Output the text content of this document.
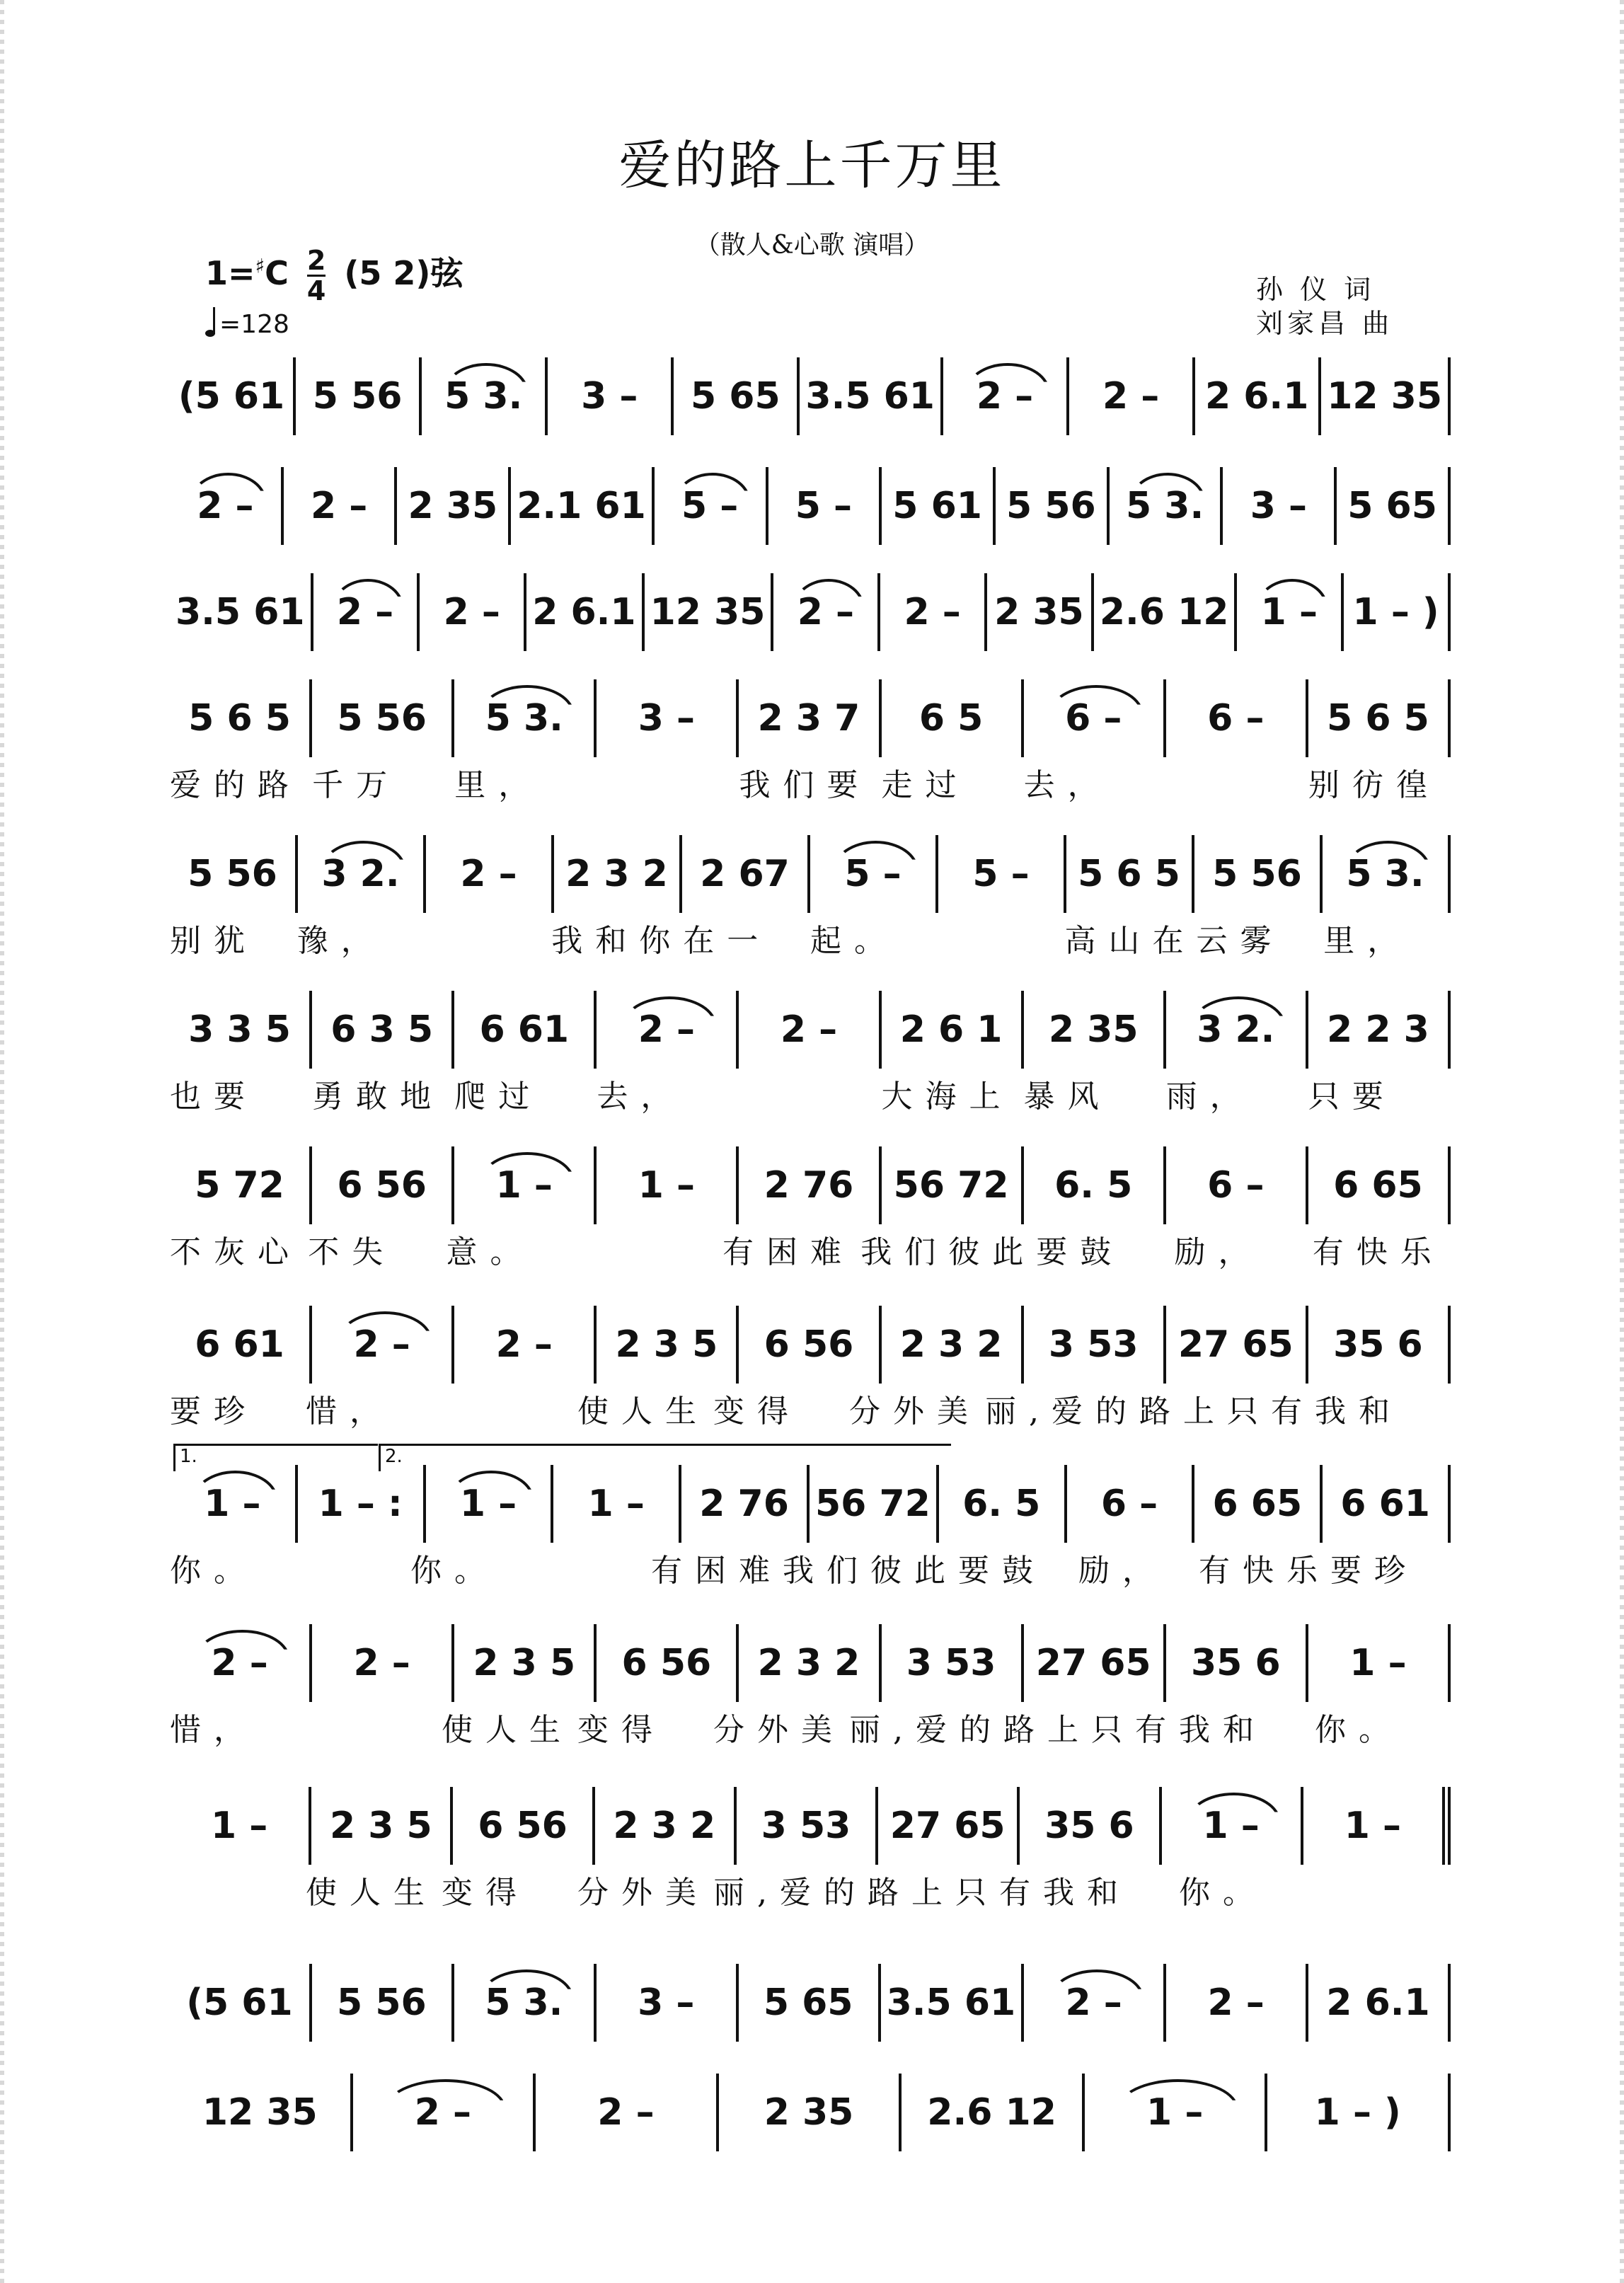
爱的路上千万里
（散人&心歌 演唱）
$1=^♯C \frac{2}{4} (5$ 2)弦
=128
孙 仪 词
刘家昌 曲
(5 61 5 56 5 3. 3 – 5 65 3.5 61 2 – 2 – 2 6.1 12 35
2 – 2 – 2 35 2.1 61 5 – 5 – 5 61 5 56 5 3. 3 – 5 65
3.5 61 2 – 2 – 2 6.1 12 35 2 – 2 – 2 35 2.6 12 1 – 1 – )
5 6 5 5 56 5 3. 3 – 2 3 7 6 5 6 – 6 – 5 6 5
爱的路 千万	里，	我们要 走过	去，	别彷徨
5 56 3 2. 2 – 2 3 2 2 67 5 – 5 – 5 6 5 5 56 5 3.
别犹	豫，	我和你 在一	起。	高山在 云雾	里，
3 3 5 6 3 5 6 61 2 – 2 – 2 6 1 2 35 3 2. 2 2 3
也要	勇敢地 爬过	去，	大海上 暴风	雨，	只要
5 72 6 56 1 – 1 – 2 76 56 72 6. 5 6 – 6 65
不灰心 不失	意。	有困难 我们彼此 要鼓	励，	有快乐
6 61 2 – 2 – 2 3 5 6 56 2 3 2 3 53 27 65 35 6
要珍	惜，	使人生 变得	分外美 丽,爱的 路上只有 我和
1 – 1 – : 1 – 1 – 2 76 56 72 6. 5 6 – 6 65 6 61
你。	你。	有困难 我们彼此 要鼓	励，	有快乐 要珍
2 – 2 – 2 3 5 6 56 2 3 2 3 53 27 65 35 6 1 –
惜，	使人生 变得	分外美 丽,爱的 路上只有 我和	你。
1 – 2 3 5 6 56 2 3 2 3 53 27 65 35 6 1 – 1 –
使人生 变得	分外美 丽,爱的 路上只有 我和	你。
(5 61 5 56 5 3. 3 – 5 65 3.5 61 2 – 2 – 2 6.1
12 35	2 –	2 –	2 35 2.6 12 1 –	1 – )
1.	2.
